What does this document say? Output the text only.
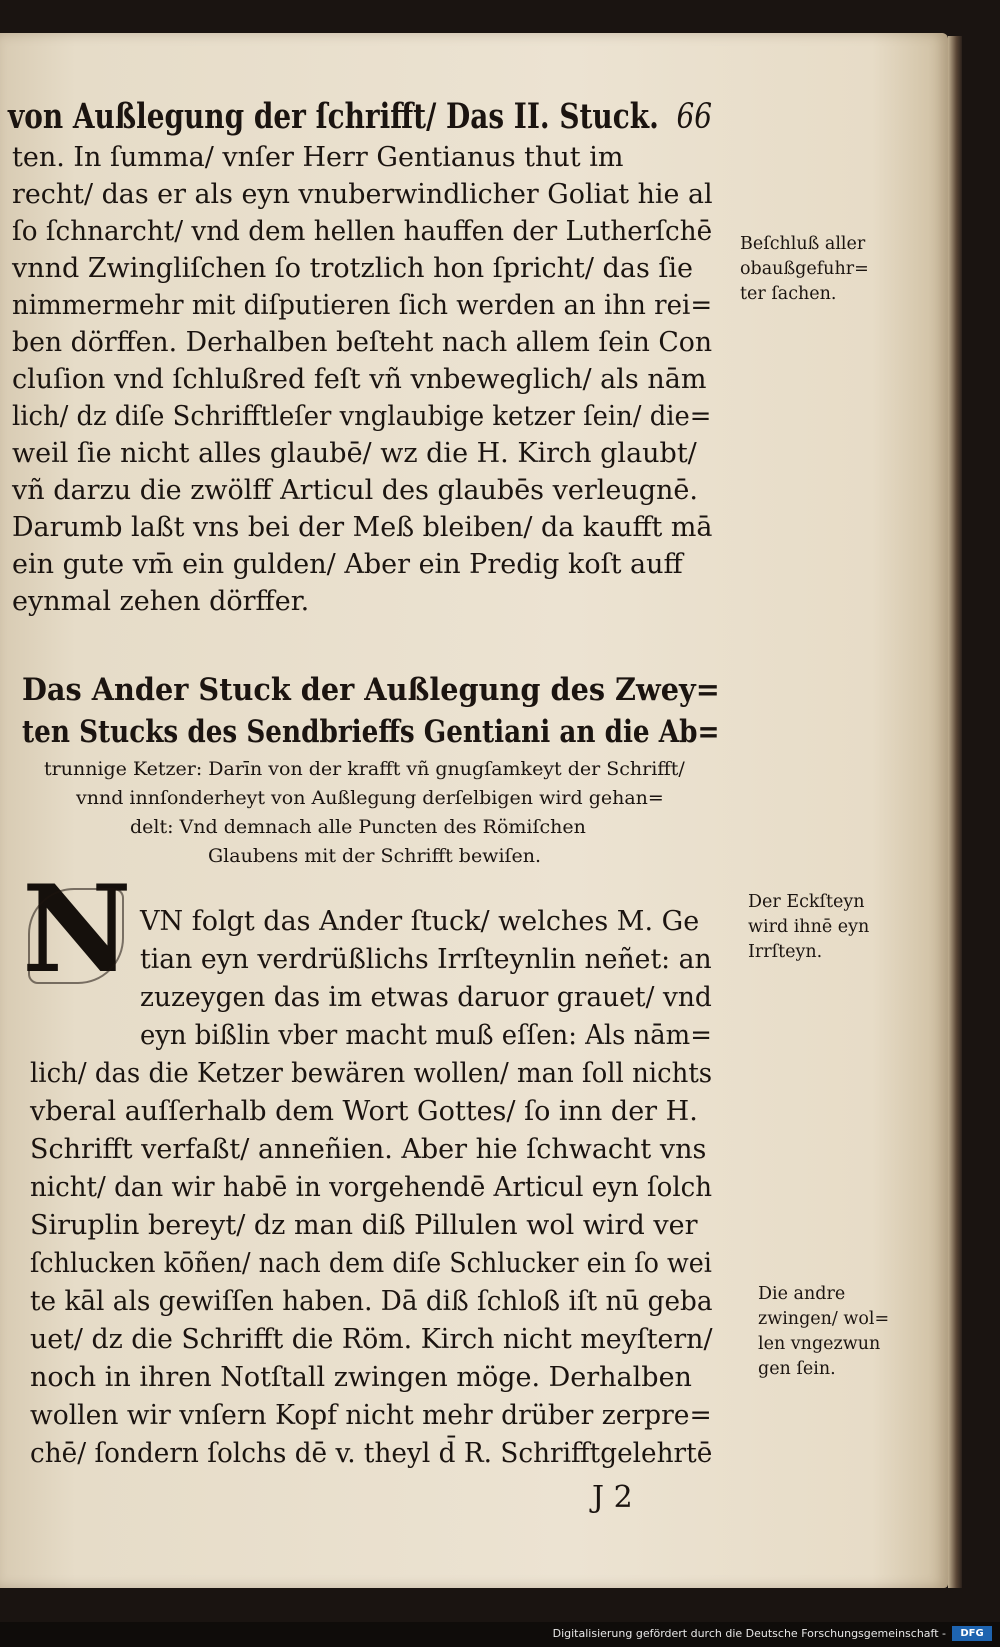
von Außlegung der ſchrifft/ Das II. Stuck. 66
ten. In ſumma/ vnſer Herr Gentianus thut im
recht/ das er als eyn vnuberwindlicher Goliat hie al
ſo ſchnarcht/ vnd dem hellen hauffen der Lutherſchē
vnnd Zwingliſchen ſo trotzlich hon ſpricht/ das ſie
nimmermehr mit diſputieren ſich werden an ihn rei=
ben dörffen. Derhalben beſteht nach allem ſein Con
cluſion vnd ſchlußred feſt vñ vnbeweglich/ als nām
lich/ dz diſe Schrifftleſer vnglaubige ketzer ſein/ die=
weil ſie nicht alles glaubē/ wz die H. Kirch glaubt/
vñ darzu die zwölff Articul des glaubēs verleugnē.
Darumb laßt vns bei der Meß bleiben/ da kaufft mā
ein gute vm̄ ein gulden/ Aber ein Predig koſt auff
eynmal zehen dörffer.
Beſchluß aller
obaußgefuhr=
ter ſachen.
Das Ander Stuck der Außlegung des Zwey=
ten Stucks des Sendbrieffs Gentiani an die Ab=
trunnige Ketzer: Darīn von der krafft vñ gnugſamkeyt der Schrifft/
vnnd innſonderheyt von Außlegung derſelbigen wird gehan=
delt: Vnd demnach alle Puncten des Römiſchen
Glaubens mit der Schrifft bewiſen.
N VN folgt das Ander ſtuck/ welches M. Ge
tian eyn verdrüßlichs Irrſteynlin neñet: an
zuzeygen das im etwas daruor grauet/ vnd
eyn bißlin vber macht muß eſſen: Als nām=
lich/ das die Ketzer bewären wollen/ man ſoll nichts
vberal auſſerhalb dem Wort Gottes/ ſo inn der H.
Schrifft verfaßt/ anneñien. Aber hie ſchwacht vns
nicht/ dan wir habē in vorgehendē Articul eyn ſolch
Siruplin bereyt/ dz man diß Pillulen wol wird ver
ſchlucken kōñen/ nach dem diſe Schlucker ein ſo wei
te kāl als gewiſſen haben. Dā diß ſchloß iſt nū geba
uet/ dz die Schrifft die Röm. Kirch nicht meyſtern/
noch in ihren Notſtall zwingen möge. Derhalben
wollen wir vnſern Kopf nicht mehr drüber zerpre=
chē/ ſondern ſolchs dē v. theyl d̄ R. Schrifftgelehrtē
Der Eckſteyn
wird ihnē eyn
Irrſteyn.
Die andre
zwingen/ wol=
len vngezwun
gen ſein.
J 2
Digitalisierung gefördert durch die Deutsche Forschungsgemeinschaft -	DFG
